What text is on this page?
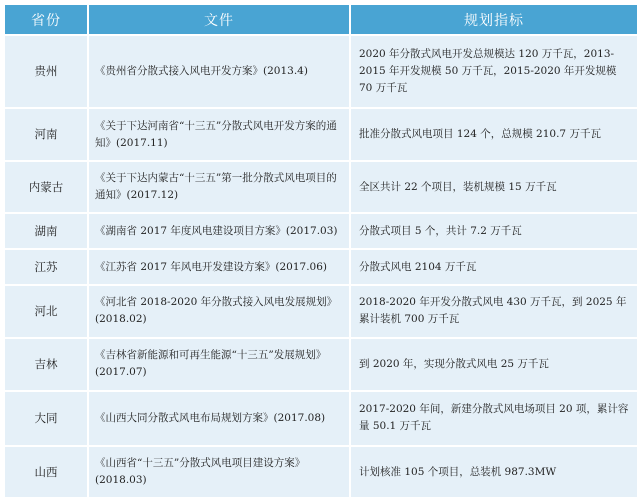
省份	文件	规划指标
贵州	《贵州省分散式接入风电开发方案》(2013.4)	2020 年分散式风电开发总规模达 120 万千瓦，2013-2015 年开发规模 50 万千瓦，2015-2020 年开发规模 70 万千瓦
河南	《关于下达河南省“十三五”分散式风电开发方案的通知》(2017.11)	批准分散式风电项目 124 个，总规模 210.7 万千瓦
内蒙古	《关于下达内蒙古“十三五”第一批分散式风电项目的通知》(2017.12)	全区共计 22 个项目，装机规模 15 万千瓦
湖南	《湖南省 2017 年度风电建设项目方案》(2017.03)	分散式项目 5 个，共计 7.2 万千瓦
江苏	《江苏省 2017 年风电开发建设方案》(2017.06)	分散式风电 2104 万千瓦
河北	《河北省 2018-2020 年分散式接入风电发展规划》(2018.02)	2018-2020 年开发分散式风电 430 万千瓦，到 2025 年累计装机 700 万千瓦
吉林	《吉林省新能源和可再生能源“十三五”发展规划》(2017.07)	到 2020 年，实现分散式风电 25 万千瓦
大同	《山西大同分散式风电布局规划方案》(2017.08)	2017-2020 年间，新建分散式风电场项目 20 项，累计容量 50.1 万千瓦
山西	《山西省“十三五”分散式风电项目建设方案》(2018.03)	计划核准 105 个项目，总装机 987.3MW
